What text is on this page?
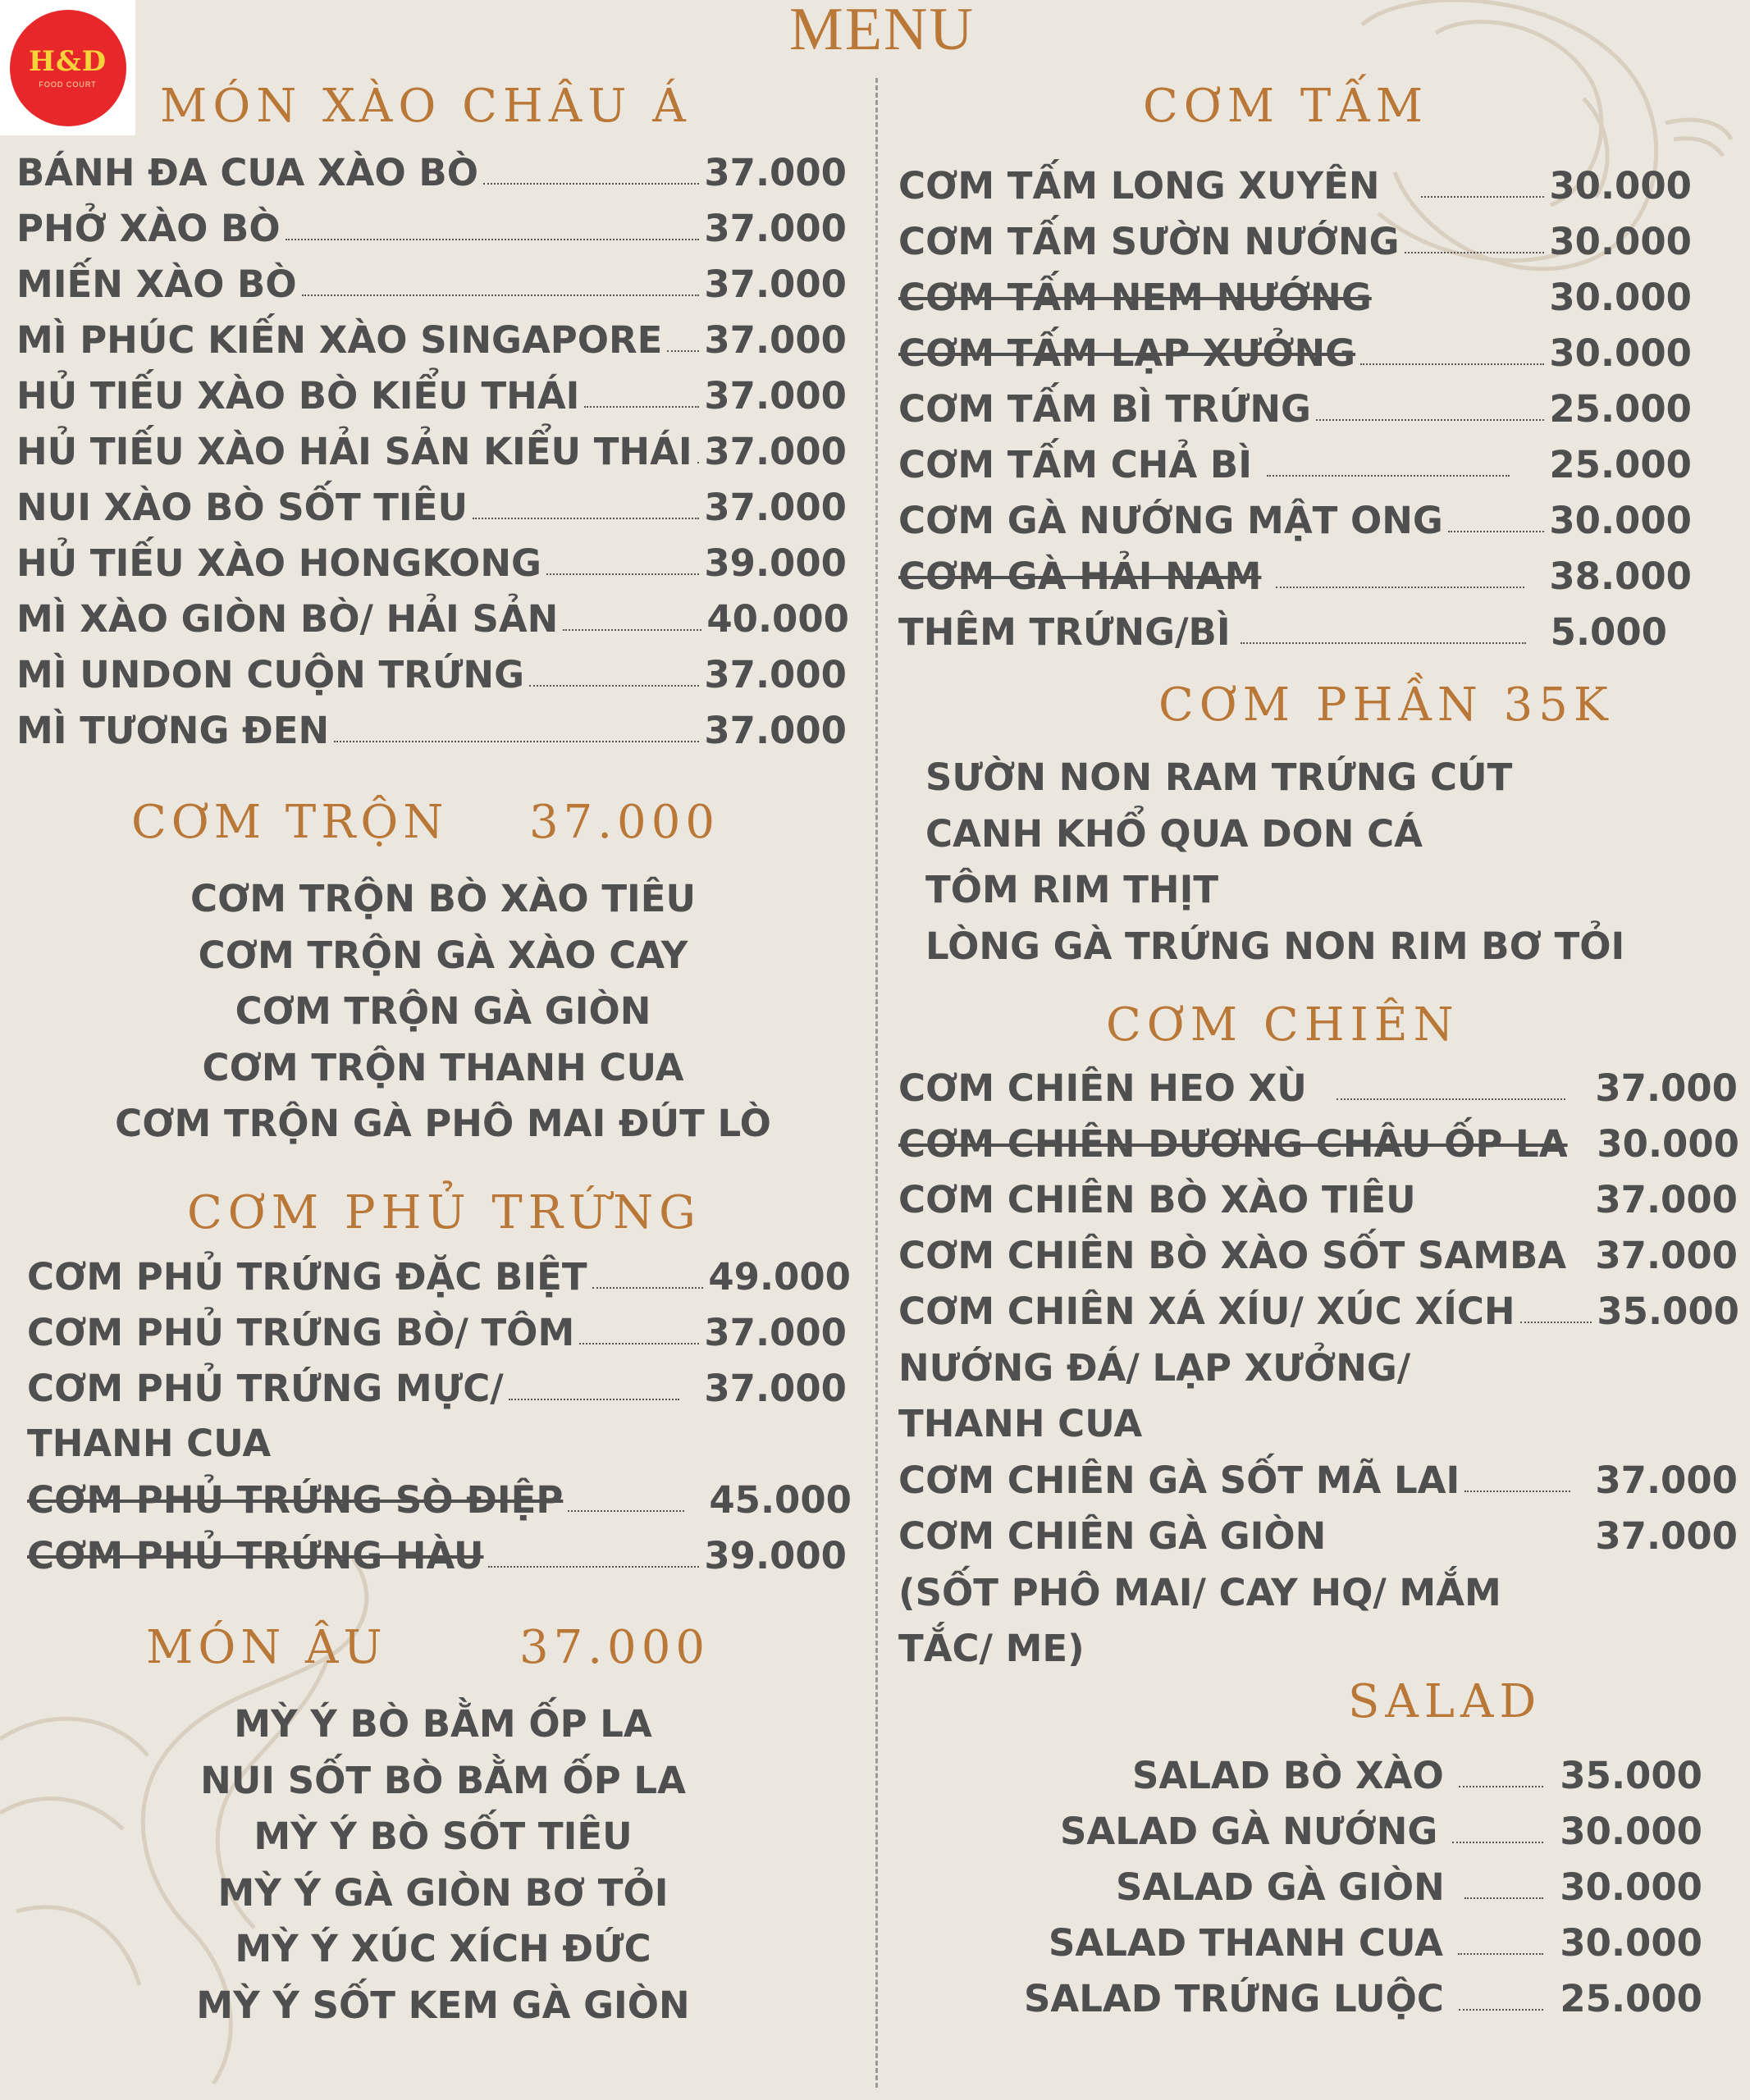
H&D
FOOD COURT
MENU
MÓN XÀO CHÂU Á
BÁNH ĐA CUA XÀO BÒ	37.000
PHỞ XÀO BÒ	37.000
MIẾN XÀO BÒ	37.000
MÌ PHÚC KIẾN XÀO SINGAPORE 37.000
HỦ TIẾU XÀO BÒ KIỂU THÁI	37.000
HỦ TIẾU XÀO HẢI SẢN KIỂU THÁI 37.000
NUI XÀO BÒ SỐT TIÊU	37.000
HỦ TIẾU XÀO HONGKONG	39.000
MÌ XÀO GIÒN BÒ/ HẢI SẢN	40.000
MÌ UNDON CUỘN TRỨNG	37.000
MÌ TƯƠNG ĐEN	37.000
CƠM TRỘN 37.000
CƠM TRỘN BÒ XÀO TIÊU
CƠM TRỘN GÀ XÀO CAY
CƠM TRỘN GÀ GIÒN
CƠM TRỘN THANH CUA
CƠM TRỘN GÀ PHÔ MAI ĐÚT LÒ
CƠM PHỦ TRỨNG
CƠM PHỦ TRỨNG ĐẶC BIỆT	49.000
CƠM PHỦ TRỨNG BÒ/ TÔM	37.000
CƠM PHỦ TRỨNG MỰC/	37.000
THANH CUA
CƠM PHỦ TRỨNG SÒ ĐIỆP	45.000
CƠM PHỦ TRỨNG HÀU	39.000
MÓN ÂU	37.000
MỲ Ý BÒ BẰM ỐP LA
NUI SỐT BÒ BẰM ỐP LA
MỲ Ý BÒ SỐT TIÊU
MỲ Ý GÀ GIÒN BƠ TỎI
MỲ Ý XÚC XÍCH ĐỨC
MỲ Ý SỐT KEM GÀ GIÒN
CƠM TẤM
CƠM TẤM LONG XUYÊN	30.000
CƠM TẤM SƯỜN NƯỚNG	30.000
CƠM TẤM NEM NƯỚNG	30.000
CƠM TẤM LẠP XƯỞNG	30.000
CƠM TẤM BÌ TRỨNG	25.000
CƠM TẤM CHẢ BÌ	25.000
CƠM GÀ NƯỚNG MẬT ONG	30.000
CƠM GÀ HẢI NAM	38.000
THÊM TRỨNG/BÌ	5.000
CƠM PHẦN 35K
SƯỜN NON RAM TRỨNG CÚT
CANH KHỔ QUA DON CÁ
TÔM RIM THỊT
LÒNG GÀ TRỨNG NON RIM BƠ TỎI
CƠM CHIÊN
CƠM CHIÊN HEO XÙ	37.000
CƠM CHIÊN DƯƠNG CHÂU ỐP LA 30.000
CƠM CHIÊN BÒ XÀO TIÊU	37.000
CƠM CHIÊN BÒ XÀO SỐT SAMBA 37.000
CƠM CHIÊN XÁ XÍU/ XÚC XÍCH 35.000
NƯỚNG ĐÁ/ LẠP XƯỞNG/
THANH CUA
CƠM CHIÊN GÀ SỐT MÃ LAI	37.000
CƠM CHIÊN GÀ GIÒN	37.000
(SỐT PHÔ MAI/ CAY HQ/ MẮM
TẮC/ ME)
SALAD
SALAD BÒ XÀO	35.000
SALAD GÀ NƯỚNG	30.000
SALAD GÀ GIÒN	30.000
SALAD THANH CUA	30.000
SALAD TRỨNG LUỘC	25.000
